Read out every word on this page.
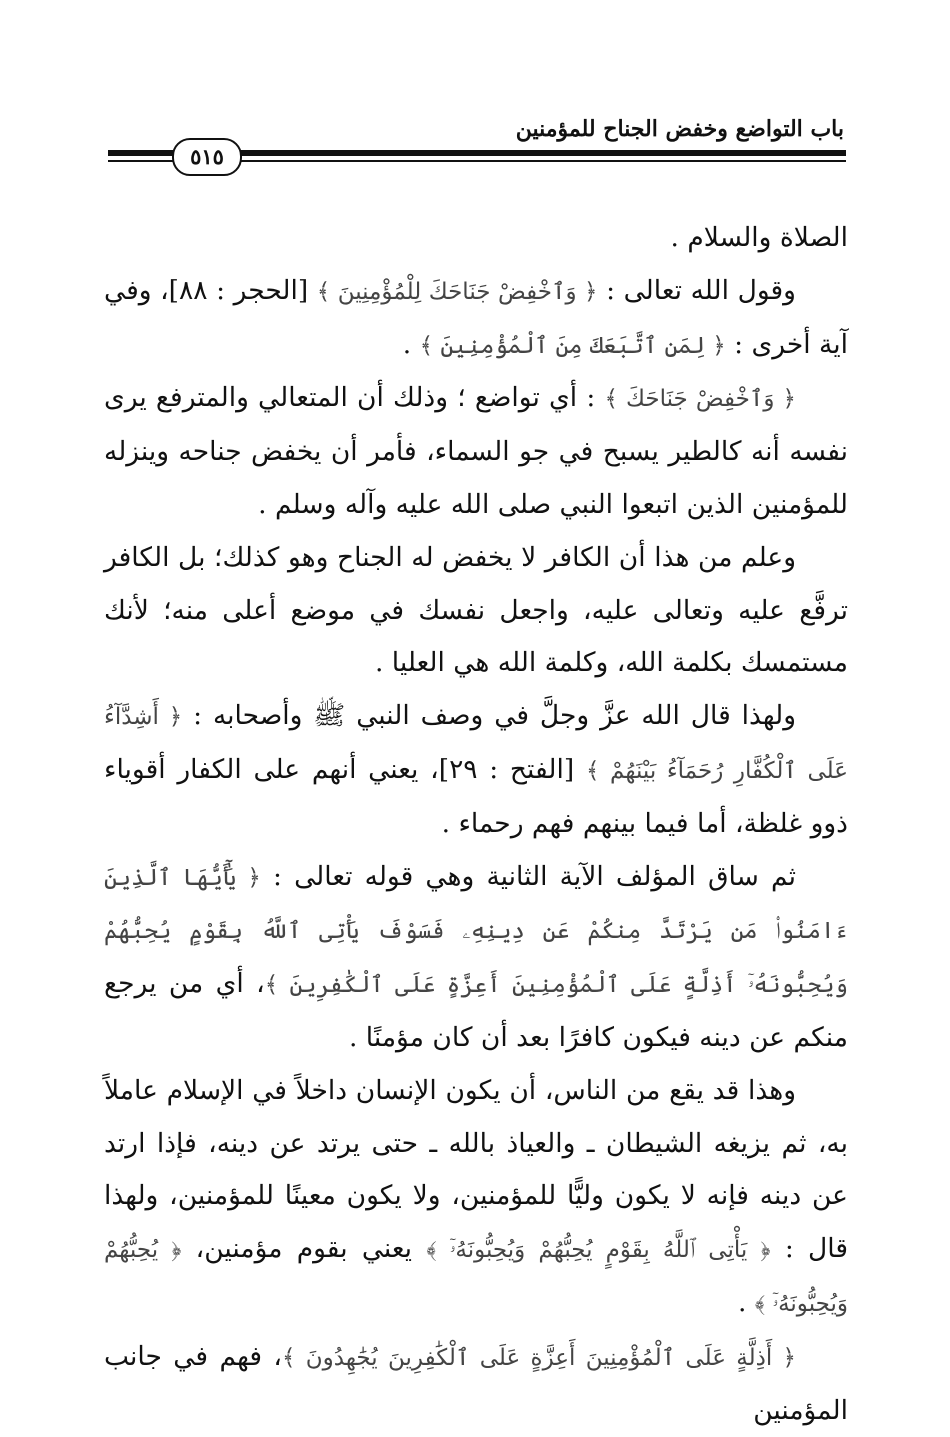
باب التواضع وخفض الجناح للمؤمنين
٥١٥

الصلاة والسلام .

وقول الله تعالى : ﴿ وَٱخْفِضْ جَنَاحَكَ لِلْمُؤْمِنِينَ ﴾ [الحجر : ٨٨]، وفي آية أخرى : ﴿ لِمَنِ ٱتَّبَعَكَ مِنَ ٱلْمُؤْمِنِينَ ﴾ .

﴿ وَٱخْفِضْ جَنَاحَكَ ﴾ : أي تواضع ؛ وذلك أن المتعالي والمترفع يرى نفسه أنه كالطير يسبح في جو السماء، فأمر أن يخفض جناحه وينزله للمؤمنين الذين اتبعوا النبي صلى الله عليه وآله وسلم .

وعلم من هذا أن الكافر لا يخفض له الجناح وهو كذلك؛ بل الكافر ترفَّع عليه وتعالى عليه، واجعل نفسك في موضع أعلى منه؛ لأنك مستمسك بكلمة الله، وكلمة الله هي العليا .

ولهذا قال الله عزَّ وجلَّ في وصف النبي ﷺ وأصحابه : ﴿ أَشِدَّآءُ عَلَى ٱلْكُفَّارِ رُحَمَآءُ بَيْنَهُمْ ﴾ [الفتح : ٢٩]، يعني أنهم على الكفار أقوياء ذوو غلظة، أما فيما بينهم فهم رحماء .

ثم ساق المؤلف الآية الثانية وهي قوله تعالى : ﴿ يَٰٓأَيُّهَا ٱلَّذِينَ ءَامَنُوا۟ مَن يَرْتَدَّ مِنكُمْ عَن دِينِهِۦ فَسَوْفَ يَأْتِى ٱللَّهُ بِقَوْمٍ يُحِبُّهُمْ وَيُحِبُّونَهُۥٓ أَذِلَّةٍ عَلَى ٱلْمُؤْمِنِينَ أَعِزَّةٍ عَلَى ٱلْكَٰفِرِينَ ﴾، أي من يرجع منكم عن دينه فيكون كافرًا بعد أن كان مؤمنًا .

وهذا قد يقع من الناس، أن يكون الإنسان داخلاً في الإسلام عاملاً به، ثم يزيغه الشيطان ـ والعياذ بالله ـ حتى يرتد عن دينه، فإذا ارتد عن دينه فإنه لا يكون وليًّا للمؤمنين، ولا يكون معينًا للمؤمنين، ولهذا قال : ﴿ يَأْتِى ٱللَّهُ بِقَوْمٍ يُحِبُّهُمْ وَيُحِبُّونَهُۥٓ ﴾ يعني بقوم مؤمنين، ﴿ يُحِبُّهُمْ وَيُحِبُّونَهُۥٓ ﴾ .

﴿ أَذِلَّةٍ عَلَى ٱلْمُؤْمِنِينَ أَعِزَّةٍ عَلَى ٱلْكَٰفِرِينَ يُجَٰهِدُونَ ﴾، فهم في جانب المؤمنين
